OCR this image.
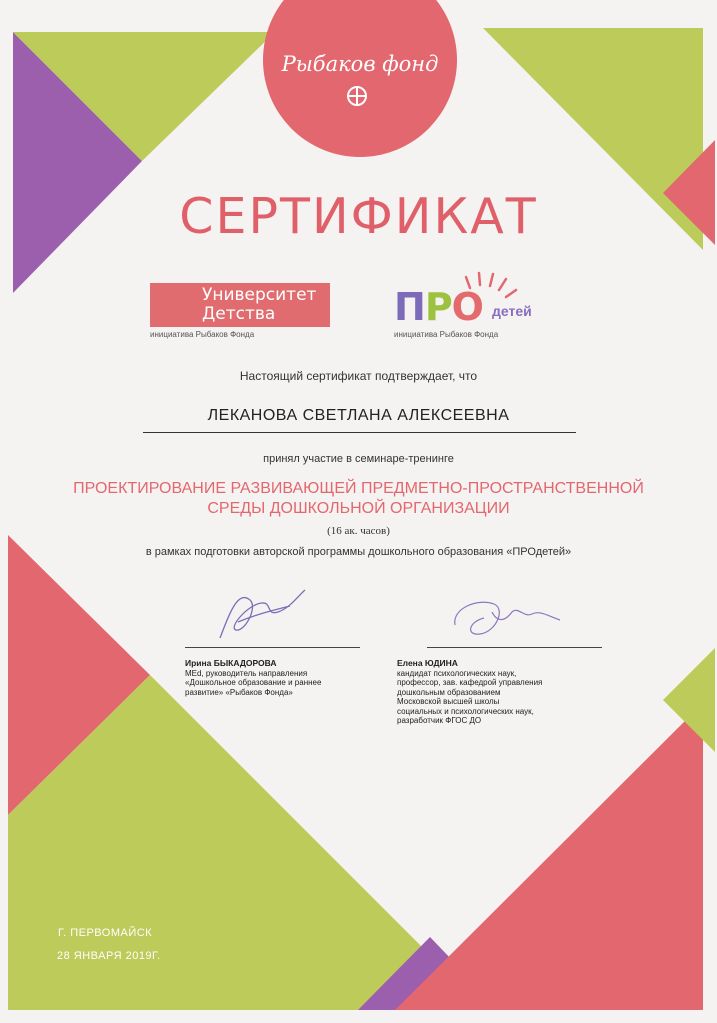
Рыбаков фонд
СЕРТИФИКАТ
Университет
Детства
инициатива Рыбаков Фонда
ПРО детей
инициатива Рыбаков Фонда
Настоящий сертификат подтверждает, что
ЛЕКАНОВА СВЕТЛАНА АЛЕКСЕЕВНА
принял участие в семинаре-тренинге
ПРОЕКТИРОВАНИЕ РАЗВИВАЮЩЕЙ ПРЕДМЕТНО-ПРОСТРАНСТВЕННОЙ
СРЕДЫ ДОШКОЛЬНОЙ ОРГАНИЗАЦИИ
(16 ак. часов)
в рамках подготовки авторской программы дошкольного образования «ПРОдетей»
Ирина БЫКАДОРОВА
MEd, руководитель направления
«Дошкольное образование и раннее
развитие» «Рыбаков Фонда»
Елена ЮДИНА
кандидат психологических наук,
профессор, зав. кафедрой управления
дошкольным образованием
Московской высшей школы
социальных и психологических наук,
разработчик ФГОС ДО
Г. ПЕРВОМАЙСК
28 ЯНВАРЯ 2019Г.
